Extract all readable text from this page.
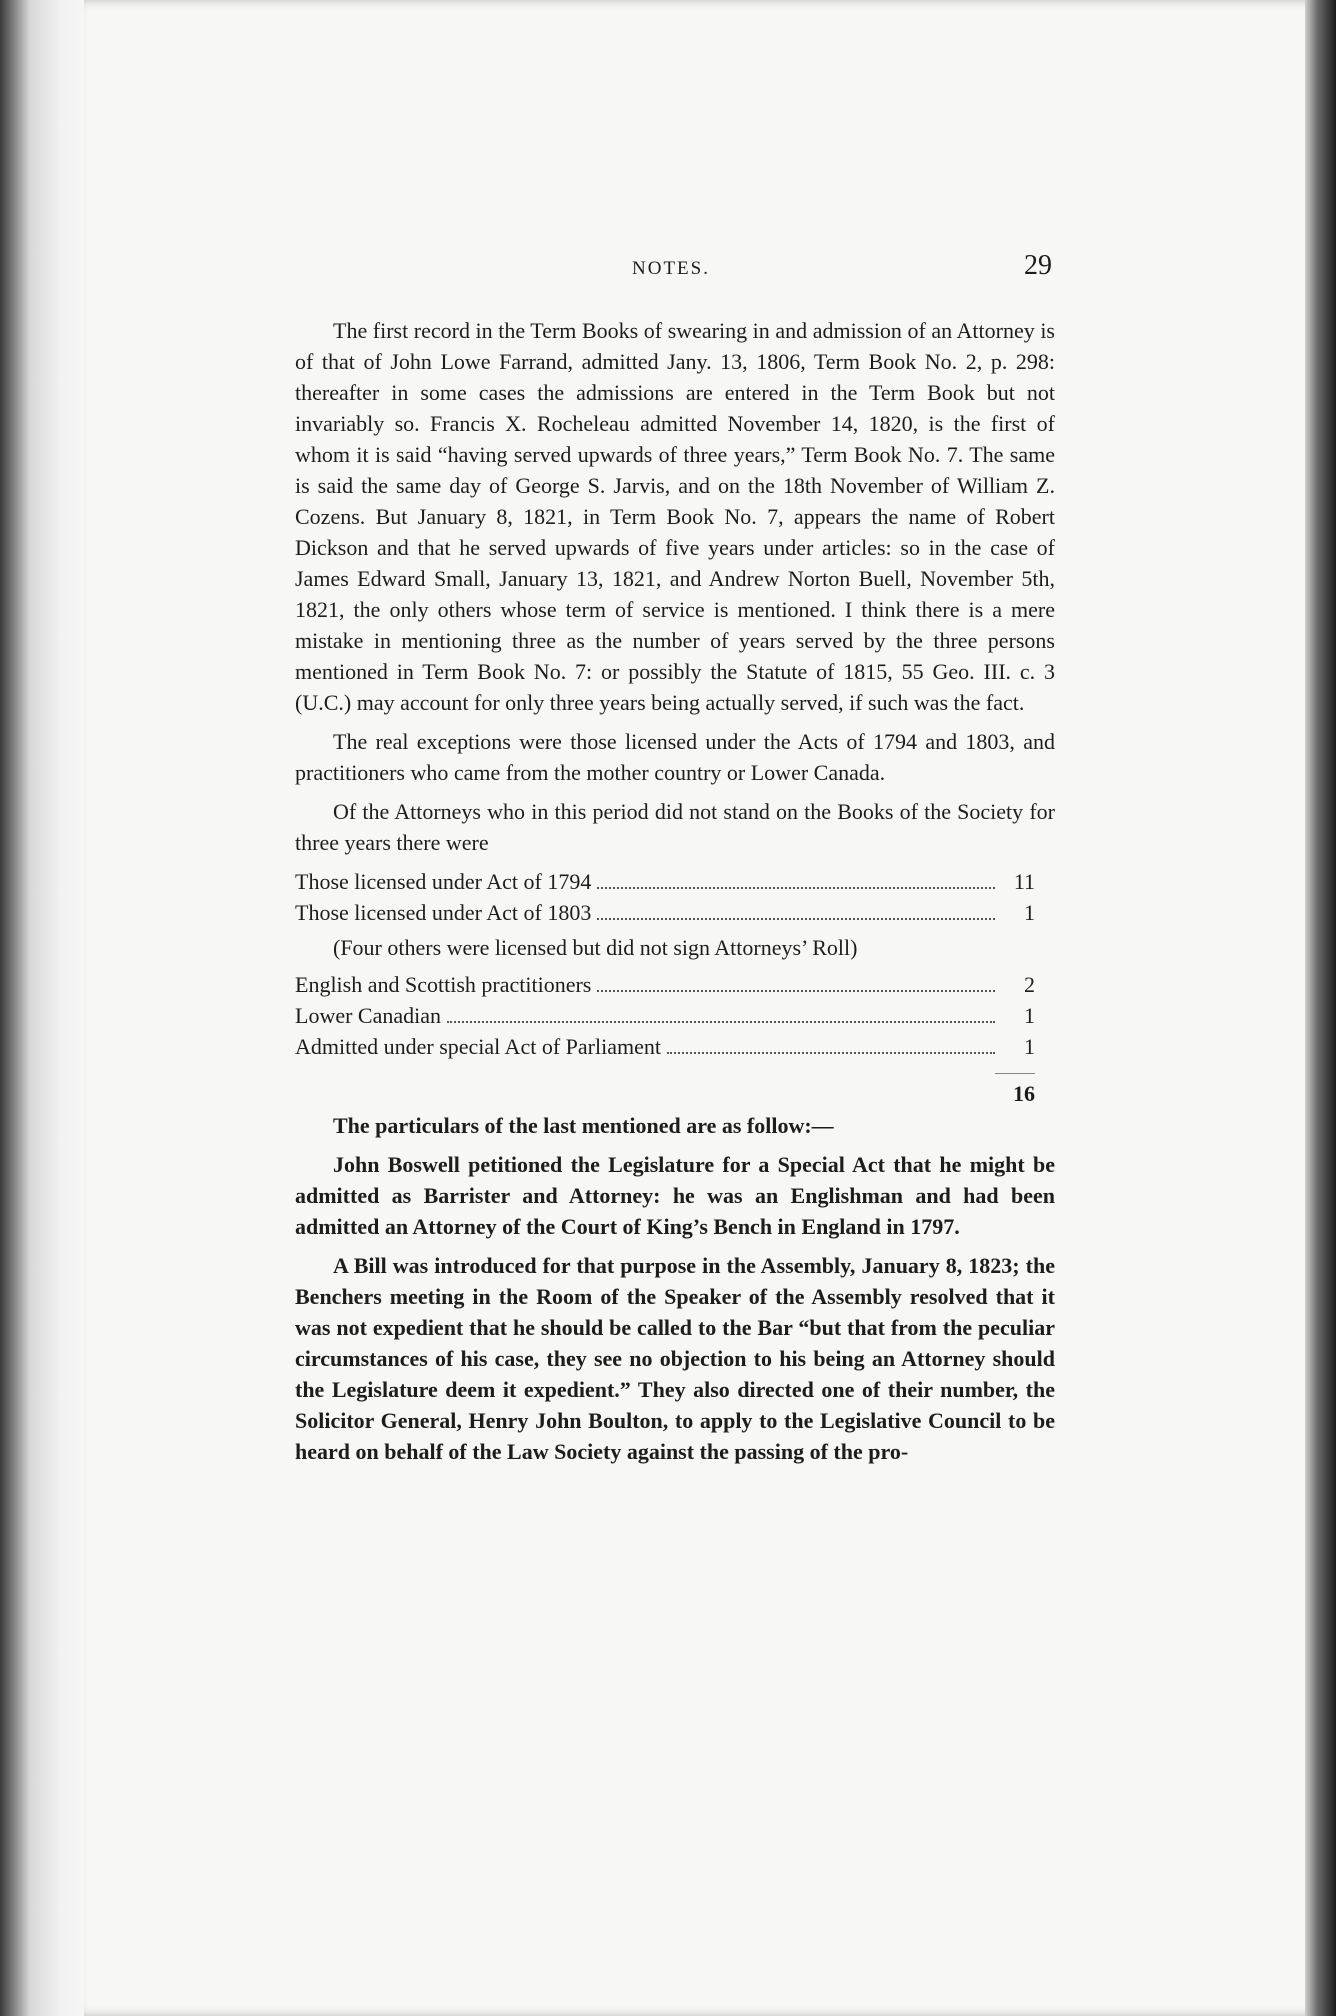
NOTES.	29

The first record in the Term Books of swearing in and admission of an Attorney is of that of John Lowe Farrand, admitted Jany. 13, 1806, Term Book No. 2, p. 298: thereafter in some cases the admissions are entered in the Term Book but not invariably so. Francis X. Rocheleau admitted November 14, 1820, is the first of whom it is said “having served upwards of three years,” Term Book No. 7. The same is said the same day of George S. Jarvis, and on the 18th November of William Z. Cozens. But January 8, 1821, in Term Book No. 7, appears the name of Robert Dickson and that he served upwards of five years under articles: so in the case of James Edward Small, January 13, 1821, and Andrew Norton Buell, November 5th, 1821, the only others whose term of service is mentioned. I think there is a mere mistake in mentioning three as the number of years served by the three persons mentioned in Term Book No. 7: or possibly the Statute of 1815, 55 Geo. III. c. 3 (U.C.) may account for only three years being actually served, if such was the fact.

The real exceptions were those licensed under the Acts of 1794 and 1803, and practitioners who came from the mother country or Lower Canada.

Of the Attorneys who in this period did not stand on the Books of the Society for three years there were

Those licensed under Act of 1794	11
Those licensed under Act of 1803	1
(Four others were licensed but did not sign Attorneys’ Roll)
English and Scottish practitioners	2
Lower Canadian	1
Admitted under special Act of Parliament	1
16

The particulars of the last mentioned are as follow:—

John Boswell petitioned the Legislature for a Special Act that he might be admitted as Barrister and Attorney: he was an Englishman and had been admitted an Attorney of the Court of King’s Bench in England in 1797.

A Bill was introduced for that purpose in the Assembly, January 8, 1823; the Benchers meeting in the Room of the Speaker of the Assembly resolved that it was not expedient that he should be called to the Bar “but that from the peculiar circumstances of his case, they see no objection to his being an Attorney should the Legislature deem it expedient.” They also directed one of their number, the Solicitor General, Henry John Boulton, to apply to the Legislative Council to be heard on behalf of the Law Society against the passing of the pro-
